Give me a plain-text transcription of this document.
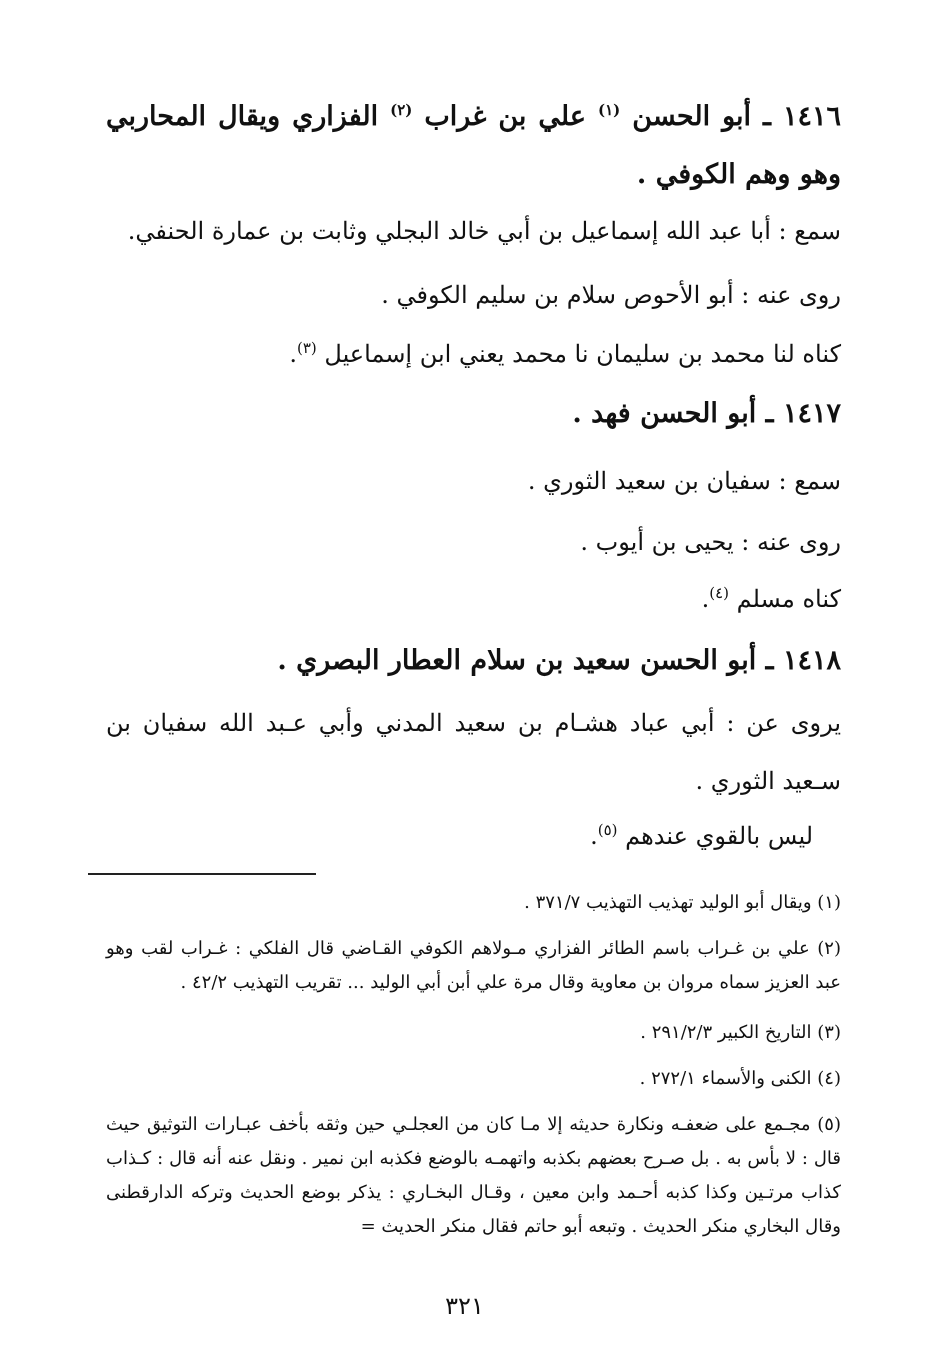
١٤١٦ ـ أبو الحسن $^{(١)}$ علي بن غراب $^{(٢)}$ الفزاري ويقال المحاربي وهو وهم الكوفي .
سمع : أبا عبد الله إسماعيل بن أبي خالد البجلي وثابت بن عمارة الحنفي.
روى عنه : أبو الأحوص سلام بن سليم الكوفي .
كناه لنا محمد بن سليمان نا محمد يعني ابن إسماعيل $^{(٣)}$.
١٤١٧ ـ أبو الحسن فهد .
سمع : سفيان بن سعيد الثوري .
روى عنه : يحيى بن أيوب .
كناه مسلم $^{(٤)}$.
١٤١٨ ـ أبو الحسن سعيد بن سلام العطار البصري .
يروى عن : أبي عباد هشـام بن سعيد المدني وأبي عـبد الله سفيان بن سـعيد الثوري .
ليس بالقوي عندهم $^{(٥)}$.
(١) ويقال أبو الوليد تهذيب التهذيب ٣٧١/٧ .
(٢) علي بن غـراب باسم الطائر الفزاري مـولاهم الكوفي القـاضي قال الفلكي : غـراب لقب وهو عبد العزيز سماه مروان بن معاوية وقال مرة علي أبن أبي الوليد ... تقريب التهذيب ٤٢/٢ .
(٣) التاريخ الكبير ٢٩١/٢/٣ .
(٤) الكنى والأسماء ٢٧٢/١ .
(٥) مجـمع على ضعفـه ونكارة حديثه إلا مـا كان من العجلـي حين وثقه بأخف عبـارات التوثيق حيث قال : لا بأس به . بل صـرح بعضهم بكذبه واتهمـه بالوضع فكذبه ابن نمير . ونقل عنه أنه قال : كـذاب كذاب مرتـين وكذا كذبه أحـمد وابن معين ، وقـال البخـاري : يذكر بوضع الحديث وتركه الدارقطنى وقال البخاري منكر الحديث . وتبعه أبو حاتم فقال منكر الحديث =
٣٢١
